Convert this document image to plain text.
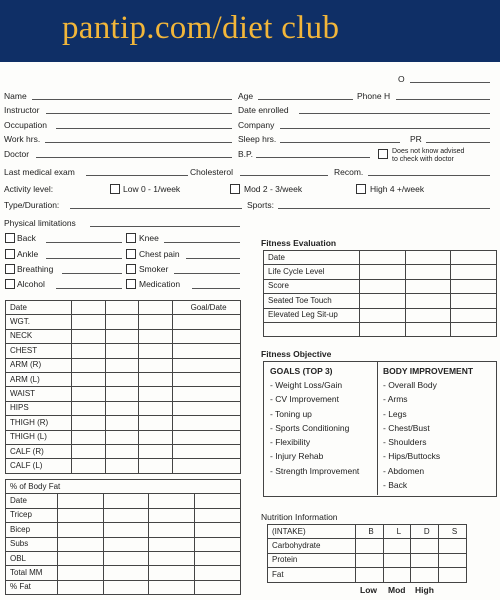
pantip.com/diet club
O
Name	Age	Phone H
Instructor	Date enrolled
Occupation	Company
Work hrs.	Sleep hrs.	PR
Doctor	B.P.	Does not know advised
to check with doctor
Last medical exam	Cholesterol	Recom.
Activity level:	Low 0 - 1/week	Mod 2 - 3/week	High 4 +/week
Type/Duration:	Sports:
Physical limitations
Back	Knee
Ankle	Chest pain
Breathing	Smoker
Alcohol	Medication
Date				Goal/Date
WGT.				
NECK				
CHEST				
ARM (R)				
ARM (L)				
WAIST				
HIPS				
THIGH (R)				
THIGH (L)				
CALF (R)				
CALF (L)				
% of Body Fat				
Date				
Tricep				
Bicep				
Subs				
OBL				
Total MM				
% Fat				
Fitness Evaluation
Date			
Life Cycle Level			
Score			
Seated Toe Touch			
Elevated Leg Sit-up			

Fitness Objective
GOALS (TOP 3)	BODY IMPROVEMENT
- Weight Loss/Gain
- CV Improvement
- Toning up
- Sports Conditioning
- Flexibility
- Injury Rehab
- Strength Improvement
- Overall Body
- Arms
- Legs
- Chest/Bust
- Shoulders
- Hips/Buttocks
- Abdomen
- Back
Nutrition Information
(INTAKE)	B	L	D	S
Carbohydrate				
Protein				
Fat				
Low Mod High
